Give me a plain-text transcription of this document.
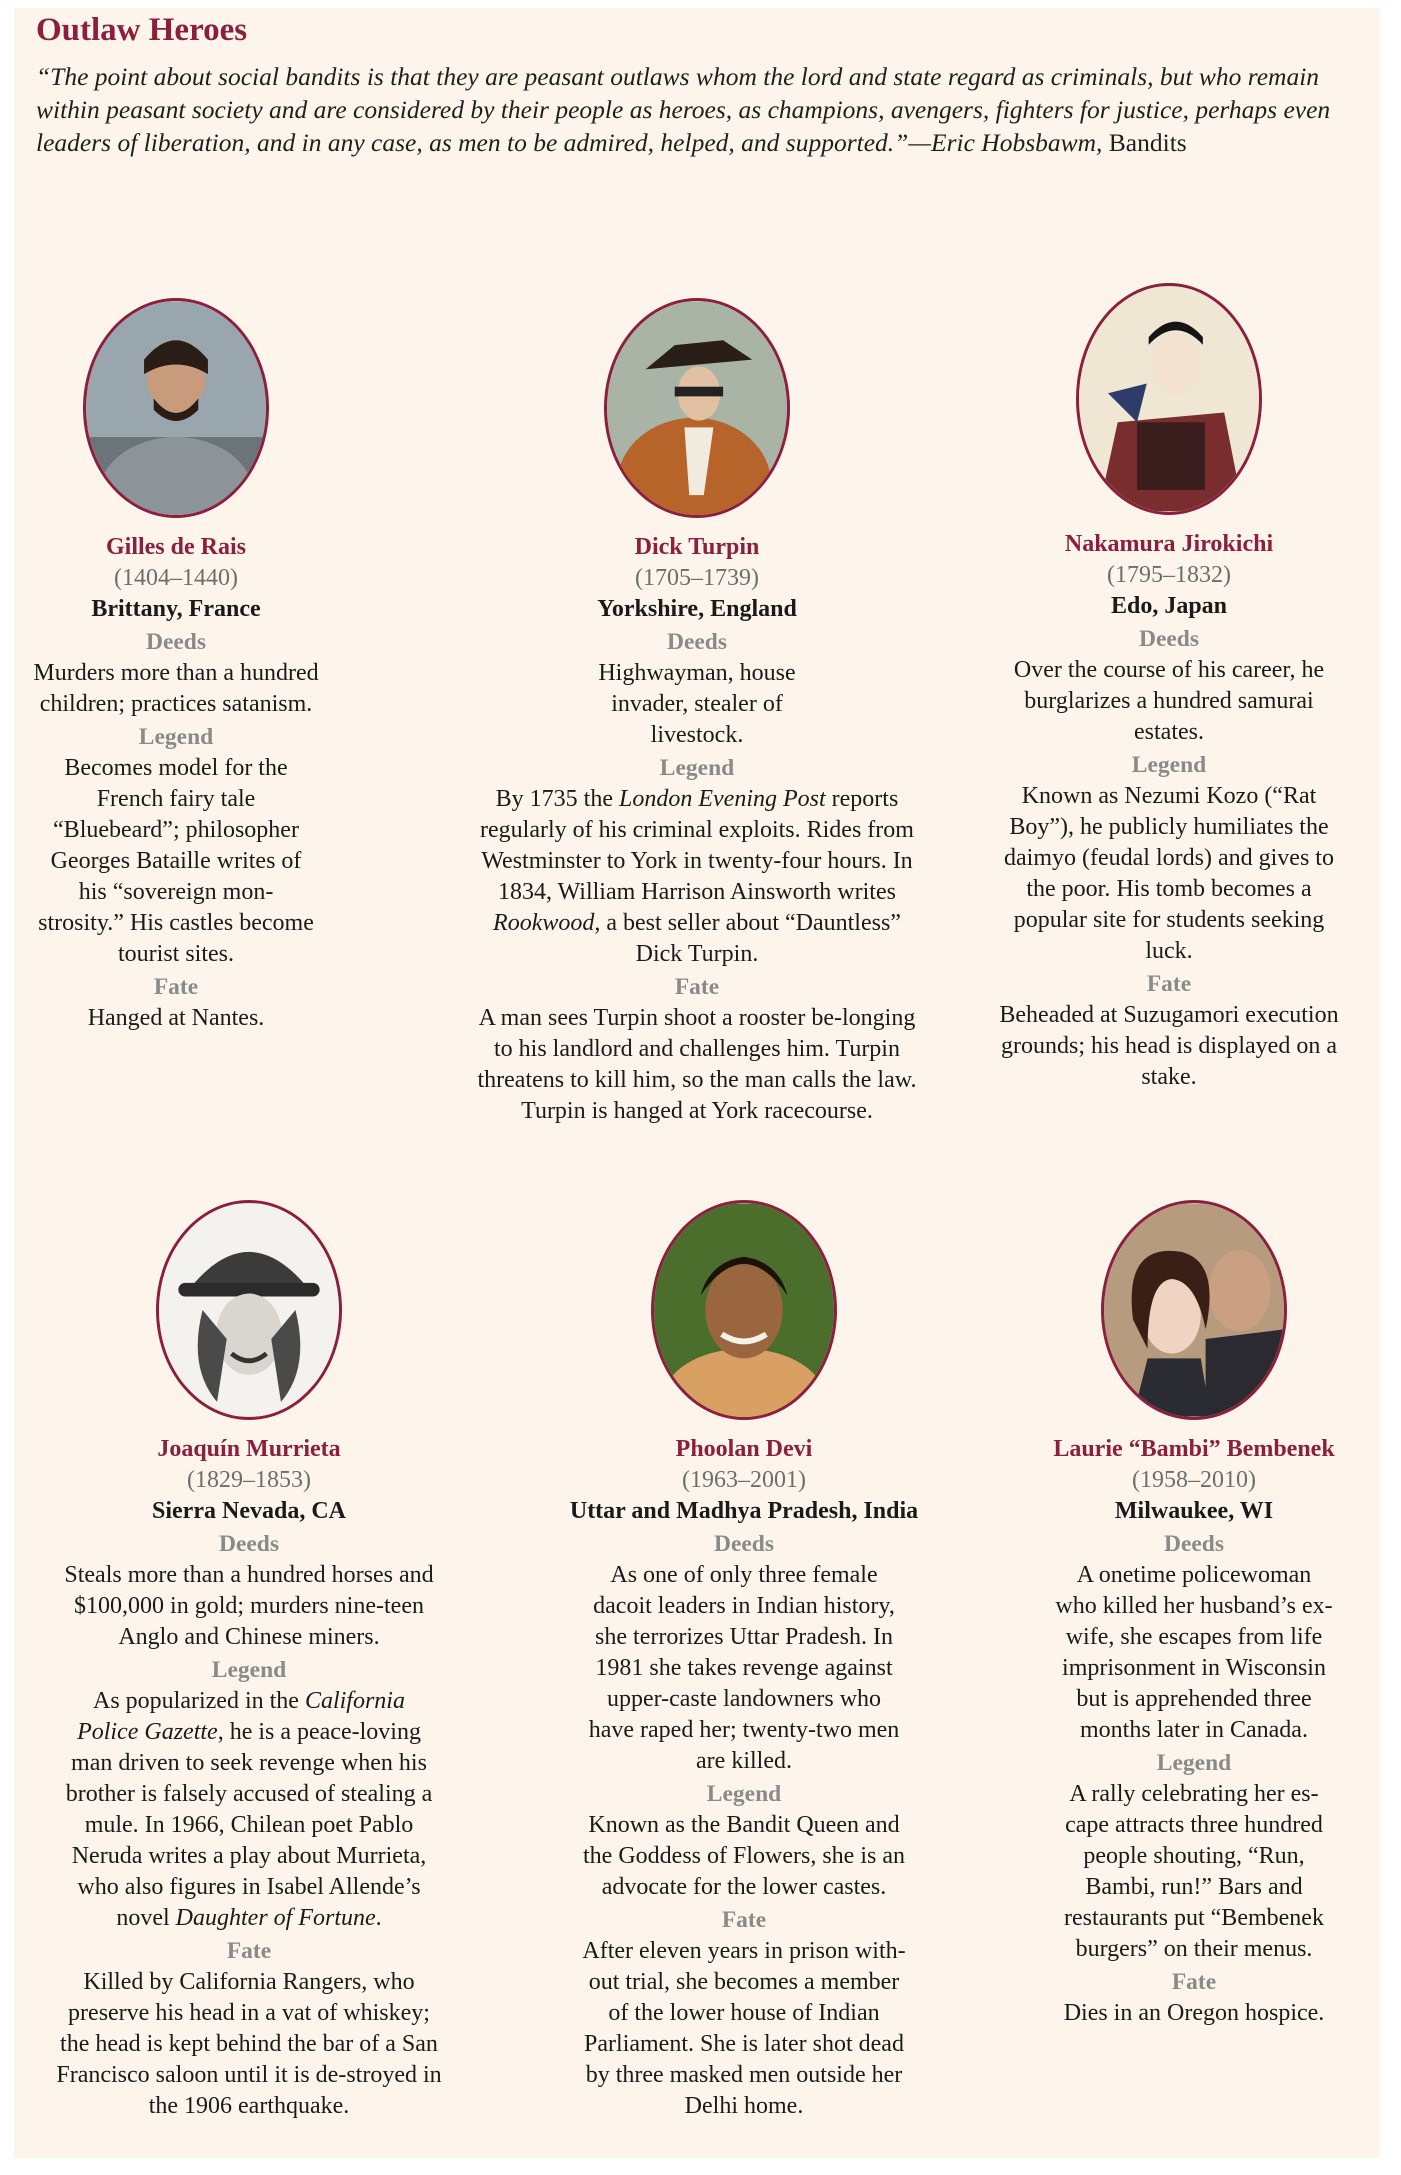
Outlaw Heroes
“The point about social bandits is that they are peasant outlaws whom the lord and state regard as criminals, but who remain within peasant society and are considered by their people as heroes, as champions, avengers, fighters for justice, perhaps even leaders of liberation, and in any case, as men to be admired, helped, and supported.”—Eric Hobsbawm, Bandits
Gilles de Rais
(1404–1440)
Brittany, France
Deeds
Murders more than a hundred children; practices satanism.
Legend
Becomes model for the French fairy tale “Bluebeard”; philosopher Georges Bataille writes of his “sovereign mon-strosity.” His castles become tourist sites.
Fate
Hanged at Nantes.
Dick Turpin
(1705–1739)
Yorkshire, England
Deeds
Highwayman, house invader, stealer of livestock.
Legend
By 1735 the London Evening Post reports regularly of his criminal exploits. Rides from Westminster to York in twenty-four hours. In 1834, William Harrison Ainsworth writes Rookwood, a best seller about “Dauntless” Dick Turpin.
Fate
A man sees Turpin shoot a rooster be-longing to his landlord and challenges him. Turpin threatens to kill him, so the man calls the law. Turpin is hanged at York racecourse.
Nakamura Jirokichi
(1795–1832)
Edo, Japan
Deeds
Over the course of his career, he burglarizes a hundred samurai estates.
Legend
Known as Nezumi Kozo (“Rat Boy”), he publicly humiliates the daimyo (feudal lords) and gives to the poor. His tomb becomes a popular site for students seeking luck.
Fate
Beheaded at Suzugamori execution grounds; his head is displayed on a stake.
Joaquín Murrieta
(1829–1853)
Sierra Nevada, CA
Deeds
Steals more than a hundred horses and $100,000 in gold; murders nine-teen Anglo and Chinese miners.
Legend
As popularized in the California Police Gazette, he is a peace-loving man driven to seek revenge when his brother is falsely accused of stealing a mule. In 1966, Chilean poet Pablo Neruda writes a play about Murrieta, who also figures in Isabel Allende’s novel Daughter of Fortune.
Fate
Killed by California Rangers, who preserve his head in a vat of whiskey; the head is kept behind the bar of a San Francisco saloon until it is de-stroyed in the 1906 earthquake.
Phoolan Devi
(1963–2001)
Uttar and Madhya Pradesh, India
Deeds
As one of only three female dacoit leaders in Indian history, she terrorizes Uttar Pradesh. In 1981 she takes revenge against upper-caste landowners who have raped her; twenty-two men are killed.
Legend
Known as the Bandit Queen and the Goddess of Flowers, she is an advocate for the lower castes.
Fate
After eleven years in prison with-out trial, she becomes a member of the lower house of Indian Parliament. She is later shot dead by three masked men outside her Delhi home.
Laurie “Bambi” Bembenek
(1958–2010)
Milwaukee, WI
Deeds
A onetime policewoman who killed her husband’s ex-wife, she escapes from life imprisonment in Wisconsin but is apprehended three months later in Canada.
Legend
A rally celebrating her es-cape attracts three hundred people shouting, “Run, Bambi, run!” Bars and restaurants put “Bembenek burgers” on their menus.
Fate
Dies in an Oregon hospice.
